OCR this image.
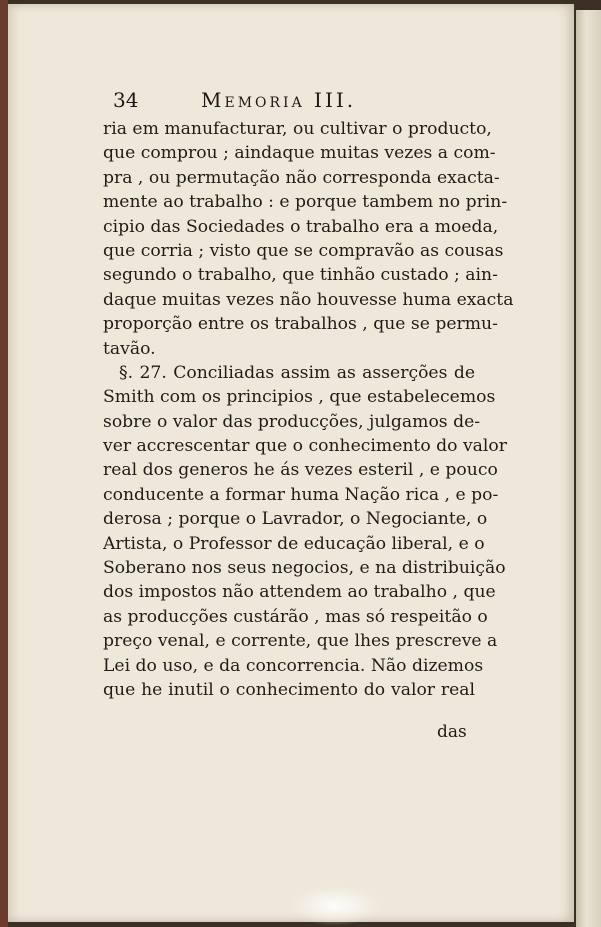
34	Memoria III.
ria em manufacturar, ou cultivar o producto,
que comprou ; aindaque muitas vezes a com-
pra , ou permutação não corresponda exacta-
mente ao trabalho : e porque tambem no prin-
cipio das Sociedades o trabalho era a moeda,
que corria ; visto que se compravão as cousas
segundo o trabalho, que tinhão custado ; ain-
daque muitas vezes não houvesse huma exacta
proporção entre os trabalhos , que se permu-
tavão.
§. 27. Conciliadas assim as asserções de
Smith com os principios , que estabelecemos
sobre o valor das producções, julgamos de-
ver accrescentar que o conhecimento do valor
real dos generos he ás vezes esteril , e pouco
conducente a formar huma Nação rica , e po-
derosa ; porque o Lavrador, o Negociante, o
Artista, o Professor de educação liberal, e o
Soberano nos seus negocios, e na distribuição
dos impostos não attendem ao trabalho , que
as producções custárão , mas só respeitão o
preço venal, e corrente, que lhes prescreve a
Lei do uso, e da concorrencia. Não dizemos
que he inutil o conhecimento do valor real
das
